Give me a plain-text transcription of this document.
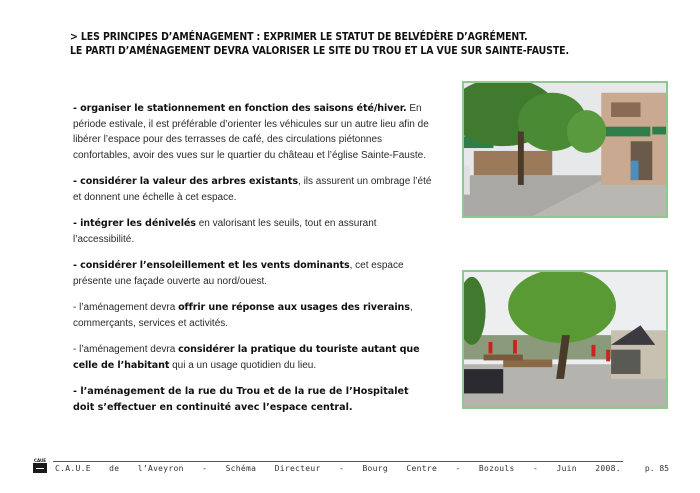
> LES PRINCIPES D’AMÉNAGEMENT : EXPRIMER LE STATUT DE BELVÉDÈRE D’AGRÉMENT.
LE PARTI D’AMÉNAGEMENT DEVRA VALORISER LE SITE DU TROU ET LA VUE SUR SAINTE-FAUSTE.

- organiser le stationnement en fonction des saisons été/hiver. En période estivale, il est préférable d’orienter les véhicules sur un autre lieu afin de libérer l’espace pour des terrasses de café, des circulations piétonnes confortables, avoir des vues sur le quartier du château et l’église Sainte-Fauste.

- considérer la valeur des arbres existants, ils assurent un ombrage l’été et donnent une échelle à cet espace.

- intégrer les dénivelés en valorisant les seuils, tout en assurant l’accessibilité.

- considérer l’ensoleillement et les vents dominants, cet espace présente une façade ouverte au nord/ouest.

- l’aménagement devra offrir une réponse aux usages des riverains, commerçants, services et activités.

- l’aménagement devra considérer la pratique du touriste autant que celle de l’habitant qui a un usage quotidien du lieu.

- l’aménagement de la rue du Trou et de la rue de l’Hospitalet doit s’effectuer en continuité avec l’espace central.

CAUE
C.A.U.E de l’Aveyron - Schéma Directeur - Bourg Centre - Bozouls - Juin 2008.	p. 85
